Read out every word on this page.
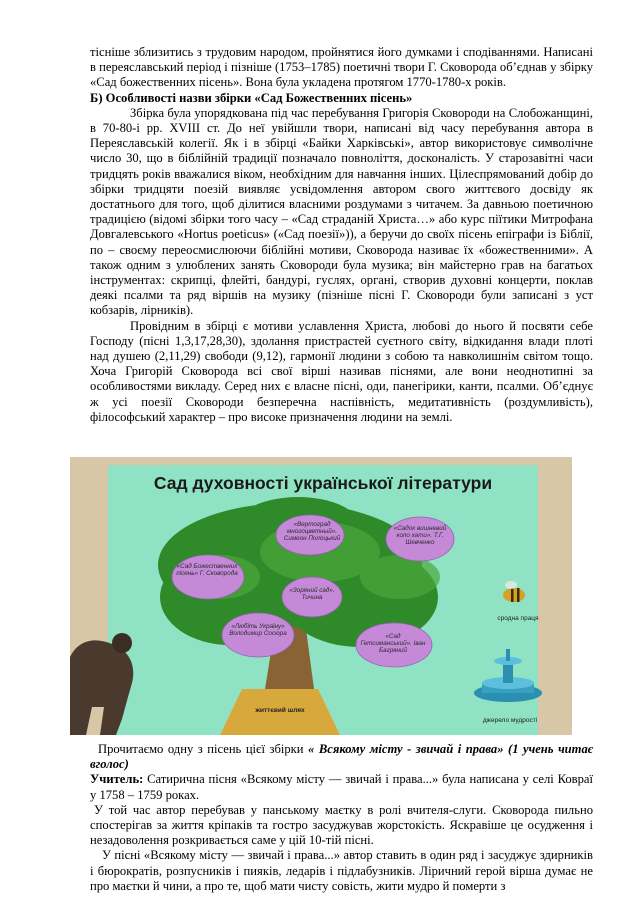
тісніше зблизитись з трудовим народом, пройнятися його думками і сподіваннями. Написані в переяславський період і пізніше (1753–1785) поетичні твори Г. Сковорода об’єднав у збірку «Сад божественних пісень». Вона була укладена протягом 1770-1780-х років.

Б) Особливості назви збірки «Сад Божественних пісень»

Збірка була упорядкована під час перебування Григорія Сковороди на Слобожанщині, в 70-80-і рр. XVIII ст. До неї увійшли твори, написані від часу перебування автора в Переяславській колегії. Як і в збірці «Байки Харківські», автор використовує символічне число 30, що в біблійній традиції позначало повноліття, досконалість. У старозавітні часи тридцять років вважалися віком, необхідним для навчання інших. Цілеспрямований добір до збірки тридцяти поезій виявляє усвідомлення автором свого життєвого досвіду як достатнього для того, щоб ділитися власними роздумами з читачем. За давньою поетичною традицією (відомі збірки того часу – «Сад страданій Христа…» або курс піїтики Митрофана Довгалевського «Hortus poeticus» («Сад поезії»)), а беручи до своїх пісень епіграфи із Біблії, по – своєму переосмислюючи біблійні мотиви, Сковорода називає їх «божественними». А також одним з улюблених занять Сковороди була музика; він майстерно грав на багатьох інструментах: скрипці, флейті, бандурі, гуслях, органі, створив духовні концерти, поклав деякі псалми та ряд віршів на музику (пізніше пісні Г. Сковороди були записані з уст кобзарів, лірників).

Провідним в збірці є мотиви уславлення Христа, любові до нього й посвяти себе Господу (пісні 1,3,17,28,30), здолання пристрастей суєтного світу, відкидання влади плоті над душею (2,11,29) свободи (9,12), гармонії людини з собою та навколишнім світом тощо. Хоча Григорій Сковорода всі свої вірші називав піснями, але вони неоднотипні за особливостями викладу. Серед них є власне пісні, оди, панегірики, канти, псалми. Об’єднує ж усі поезії Сковороди безперечна наспівність, медитативність (роздумливість), філософський характер – про високе призначення людини на землі.

Сад духовності української літератури
«Вертоград многоцветный». Симеон Полоцький
«Сад Божественних пісень» Г. Сковорода
«Садок вишневий коло хати». Т.Г. Шевченко
«Зоряний сад». Тичина
«Любіть Україну» Володимир Сосюра	«Сад Гетсиманський». Іван Багряний
життєвий шлях
сродна праця
джерело мудрості

Прочитаємо одну з пісень цієї збірки « Всякому місту - звичай і права» (1 учень читає вголос)

Учитель: Сатирична пісня «Всякому місту — звичай і права...» була написана у селі Коврaї у 1758 – 1759 роках.

У той час автор перебував у панському маєтку в ролі вчителя-слуги. Сковорода пильно спостерігав за життя кріпаків та гостро засуджував жорстокість. Яскравіше це осудження і незадоволення розкривається саме у цій 10-тій пісні.

У пісні «Всякому місту — звичай і права...» автор ставить в один ряд і засуджує здирників і бюрократів, розпусників і пияків, ледарів і підлабузників. Ліричний герой вірша думає не про маєтки й чини, а про те, щоб мати чисту совість, жити мудро й померти з
